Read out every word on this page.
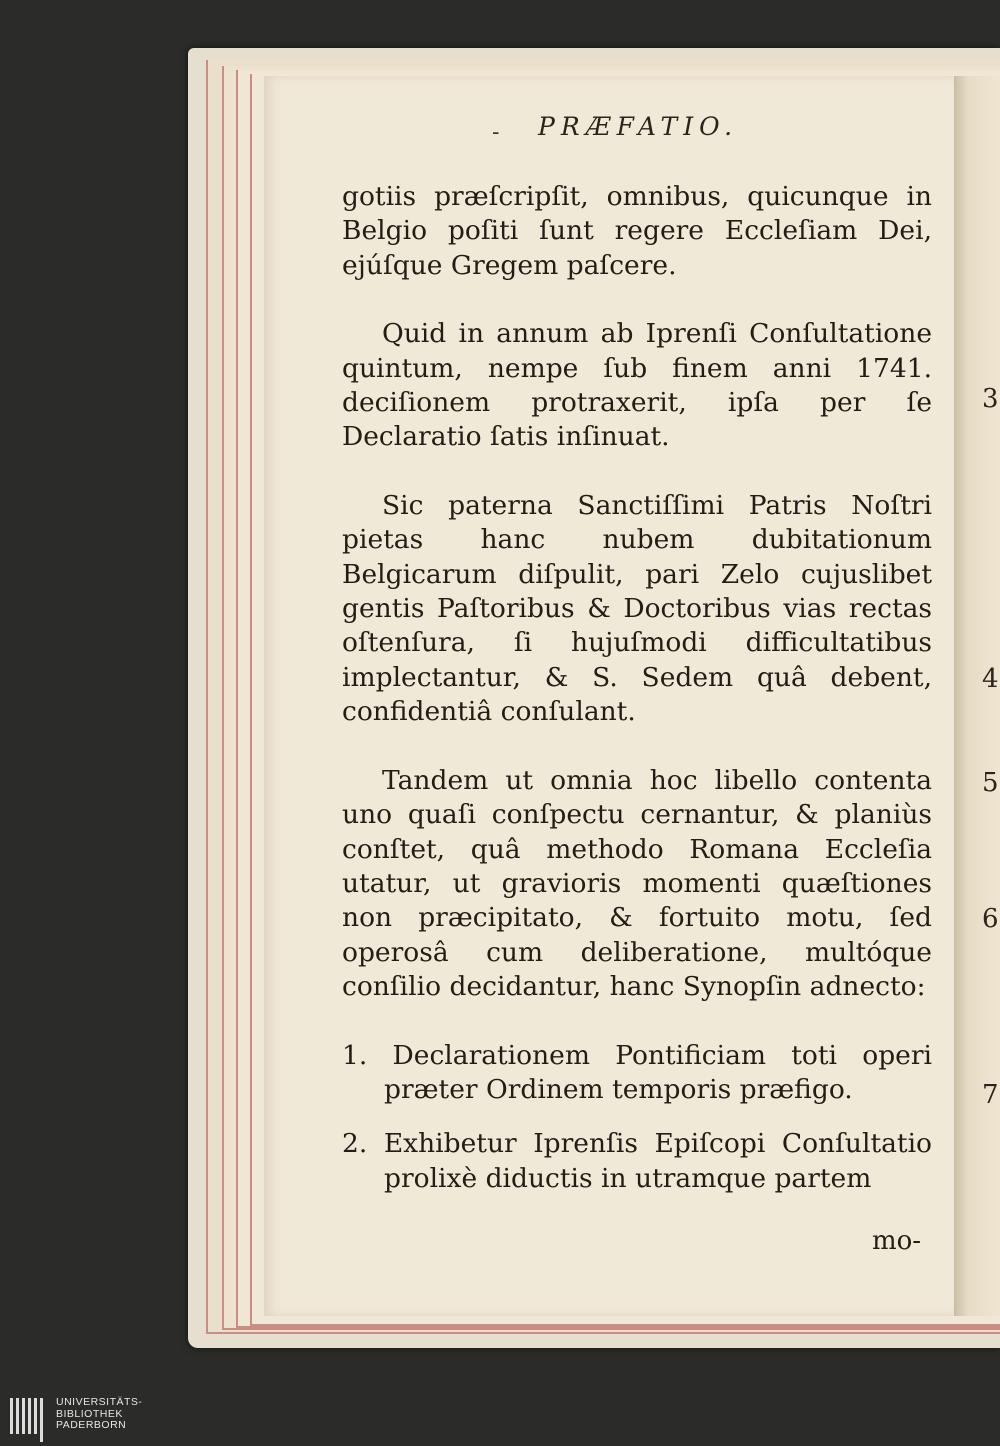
3
4
5
6
7
- PRÆFATIO.

gotiis præſcripſit, omnibus, quicunque in Belgio poſiti ſunt regere Eccleſiam Dei, ejúſque Gregem paſcere.

Quid in annum ab Iprenſi Conſultatione quintum, nempe ſub finem anni 1741. deciſionem protraxerit, ipſa per ſe Declaratio ſatis inſinuat.

Sic paterna Sanctiſſimi Patris Noſtri pietas hanc nubem dubitationum Belgicarum diſpulit, pari Zelo cujuslibet gentis Paſtoribus & Doctoribus vias rectas oſtenſura, ſi hujuſmodi difficultatibus implectantur, & S. Sedem quâ debent, confidentiâ conſulant.

Tandem ut omnia hoc libello contenta uno quaſi conſpectu cernantur, & planiùs conſtet, quâ methodo Romana Eccleſia utatur, ut gravioris momenti quæſtiones non præcipitato, & fortuito motu, ſed operosâ cum deliberatione, multóque conſilio decidantur, hanc Synopſin adnecto:

1. Declarationem Pontificiam toti operi præter Ordinem temporis præfigo.

2. Exhibetur Iprenſis Epiſcopi Conſultatio prolixè diductis in utramque partem

mo-
UNIVERSITÄTS-
BIBLIOTHEK
PADERBORN
